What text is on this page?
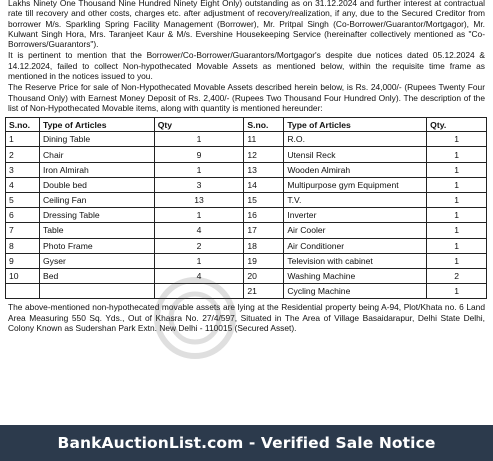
Lakhs Ninety One Thousand Nine Hundred Ninety Eight Only) outstanding as on 31.12.2024 and further interest at contractual rate till recovery and other costs, charges etc. after adjustment of recovery/realization, if any, due to the Secured Creditor from borrower M/s. Sparkling Spring Facility Management (Borrower), Mr. Pritpal Singh (Co-Borrower/Guarantor/Mortgagor), Mr. Kulwant Singh Hora, Mrs. Taranjeet Kaur & M/s. Evershine Housekeeping Service (hereinafter collectively mentioned as "Co-Borrowers/Guarantors").

It is pertinent to mention that the Borrower/Co-Borrower/Guarantors/Mortgagor's despite due notices dated 05.12.2024 & 14.12.2024, failed to collect Non-hypothecated Movable Assets as mentioned below, within the requisite time frame as mentioned in the notices issued to you.

The Reserve Price for sale of Non-Hypothecated Movable Assets described herein below, is Rs. 24,000/- (Rupees Twenty Four Thousand Only) with Earnest Money Deposit of Rs. 2,400/- (Rupees Two Thousand Four Hundred Only). The description of the list of Non-Hypothecated Movable items, along with quantity is mentioned hereunder:

S.no.	Type of Articles	Qty	S.no.	Type of Articles	Qty.
1	Dining Table	1	11	R.O.	1
2	Chair	9	12	Utensil Reck	1
3	Iron Almirah	1	13	Wooden Almirah	1
4	Double bed	3	14	Multipurpose gym Equipment	1
5	Ceiling Fan	13	15	T.V.	1
6	Dressing Table	1	16	Inverter	1
7	Table	4	17	Air Cooler	1
8	Photo Frame	2	18	Air Conditioner	1
9	Gyser	1	19	Television with cabinet	1
10	Bed	4	20	Washing Machine	2
			21	Cycling Machine	1

The above-mentioned non-hypothecated movable assets are lying at the Residential property being A-94, Plot/Khata no. 6 Land Area Measuring 550 Sq. Yds., Out of Khasra No. 27/4/597, Situated in The Area of Village Basaidarapur, Delhi State Delhi, Colony Known as Sudershan Park Extn. New Delhi - 110015 (Secured Asset).

BankAuctionList.com - Verified Sale Notice
